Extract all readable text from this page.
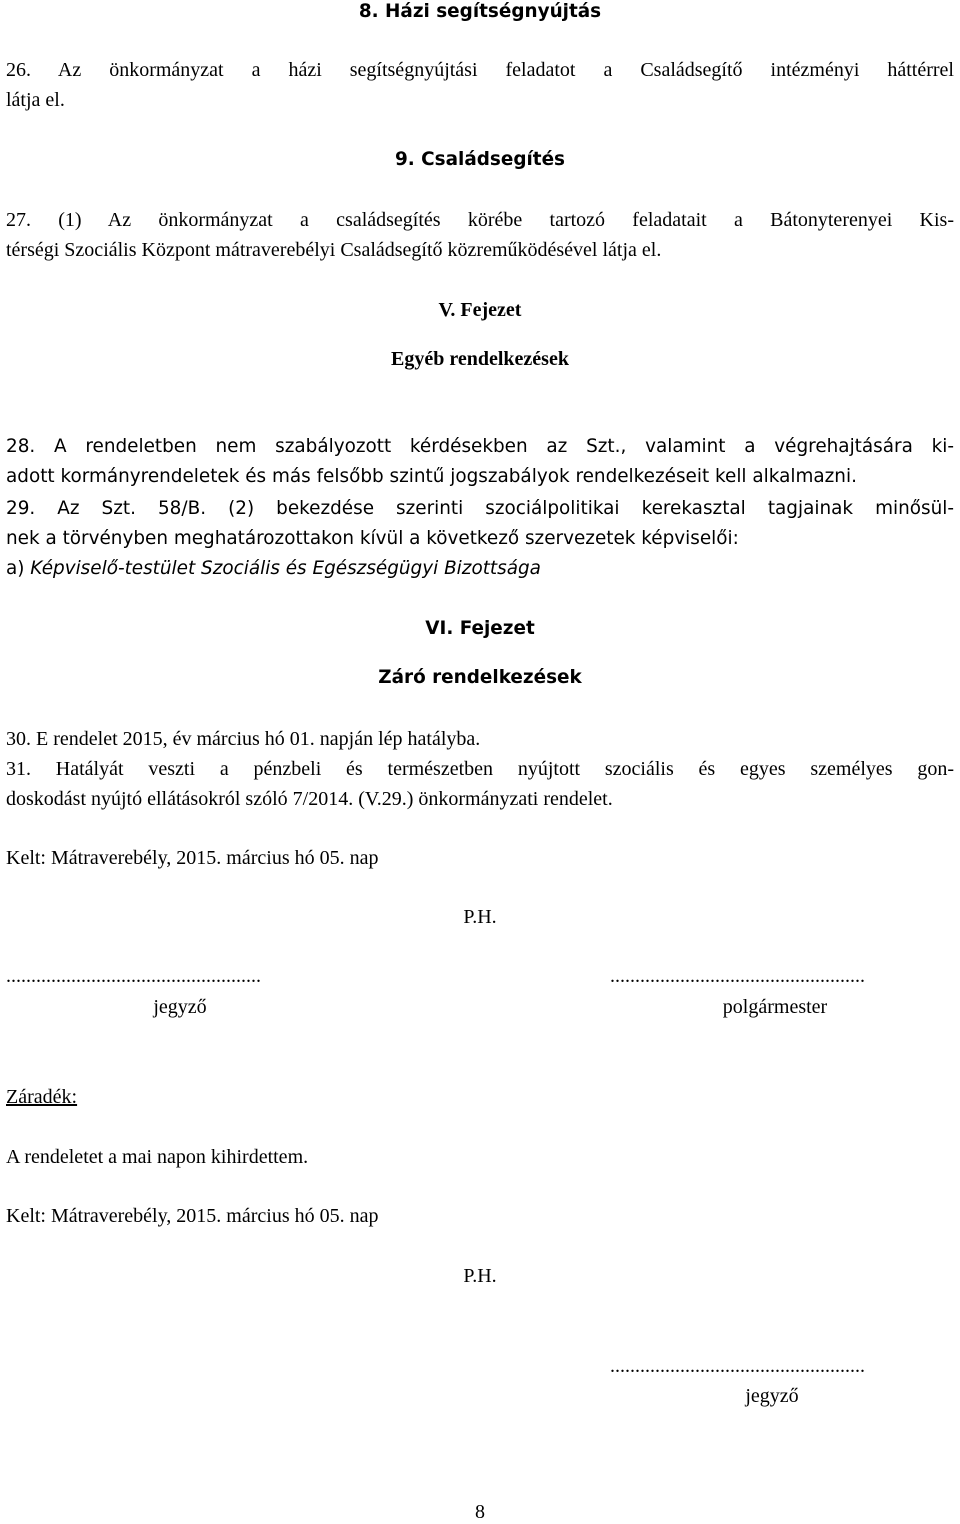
8. Házi segítségnyújtás
26. Az önkormányzat a házi segítségnyújtási feladatot a Családsegítő intézményi háttérrel
látja el.
9. Családsegítés
27. (1) Az önkormányzat a családsegítés körébe tartozó feladatait a Bátonyterenyei Kis-
térségi Szociális Központ mátraverebélyi Családsegítő közreműködésével látja el.
V. Fejezet
Egyéb rendelkezések
28. A rendeletben nem szabályozott kérdésekben az Szt., valamint a végrehajtására ki-
adott kormányrendeletek és más felsőbb szintű jogszabályok rendelkezéseit kell alkalmazni.
29. Az Szt. 58/B. (2) bekezdése szerinti szociálpolitikai kerekasztal tagjainak minősül-
nek a törvényben meghatározottakon kívül a következő szervezetek képviselői:
a) Képviselő-testület Szociális és Egészségügyi Bizottsága
VI. Fejezet
Záró rendelkezések
30. E rendelet 2015, év március hó 01. napján lép hatályba.
31. Hatályát veszti a pénzbeli és természetben nyújtott szociális és egyes személyes gon-
doskodást nyújtó ellátásokról szóló 7/2014. (V.29.) önkormányzati rendelet.
Kelt: Mátraverebély, 2015. március hó 05. nap
P.H.
...................................................	...................................................
jegyző	polgármester
Záradék:
A rendeletet a mai napon kihirdettem.
Kelt: Mátraverebély, 2015. március hó 05. nap
P.H.
...................................................
jegyző
8
